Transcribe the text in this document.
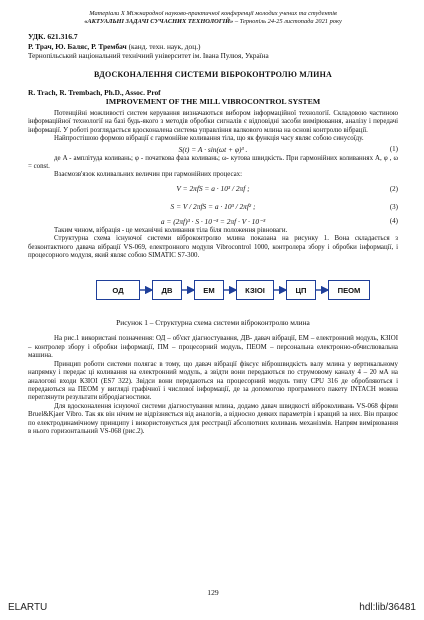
Матеріали Х Міжнародної науково-практичної конференції молодих учених та студентів
«АКТУАЛЬНІ ЗАДАЧІ СУЧАСНИХ ТЕХНОЛОГІЙ» – Тернопіль 24-25 листопада 2021 року
УДК. 621.316.7
Р. Трач, Ю. Баляс, Р. Трембач (канд. техн. наук, доц.)
Тернопільський національний технічний університет ім. Івана Пулюя, Україна
ВДОСКОНАЛЕННЯ СИСТЕМИ ВІБРОКОНТРОЛЮ МЛИНА
R. Trach, R. Trembach, Ph.D., Assoc. Prof
IMPROVEMENT OF THE MILL VIBROCONTROL SYSTEM

Потенційні можливості систем керування визначаються вибором інформаційної технології. Складовою частиною інформаційної технології на базі будь-якого з методів обробки сигналів є відповідні засоби вимірювання, аналізу і передачі інформації. У роботі розглядається вдосконалена система управління валкового млина на основі контролю вібрації.

Найпростішою формою вібрації є гармонійне коливання тіла, що як функція часу являє собою синусоїду.

S(t) = A · sin(ωt + φ)³ .	(1)

де A - амплітуда коливань; φ - початкова фаза коливань; ω- кутова швидкість. При гармонійних коливаннях A, φ , ω = const.

Взаємозв'язок коливальних величин при гармонійних процесах:

V = 2πfS = a · 10³ / 2πf ;	(2)
S = V / 2πfS = a · 10³ / 2πf² ;	(3)
a = (2πf)³ · S · 10⁻³ = 2πf · V · 10⁻³	(4)

Таким чином, вібрація - це механічні коливання тіла біля положення рівноваги.

Структурна схема існуючої системи віброконтролю млина показана на рисунку 1. Вона складається з безконтактного давача вібрації VS-069, електронного модуля Vibrocontrol 1000, контролера збору і обробки інформації, і процесорного модуля, який являє собою SIMATIC S7-300.

ОД	ДВ	ЕМ	КЗІОІ	ЦП	ПЕОМ
Рисунок 1 – Структурна схема системи віброконтролю млина

На рис.1 використані позначення: ОД – об'єкт діагностування, ДВ- давач вібрації, ЕМ – електронний модуль, КЗІОІ – контролер збору і обробки інформації, ПМ – процесорний модуль, ПЕОМ – персональна електронно-обчислювальна машина.

Принцип роботи системи полягає в тому, що давач вібрації фіксує віброшвидкість валу млина у вертикальному напрямку і передає ці коливання на електронний модуль, а звідти вони передаються по струмовому каналу 4 – 20 мА на аналогові входи КЗІОІ (ES7 322). Звідси вони передаються на процесорний модуль типу CPU 316 де обробляються і передаються на ПЕОМ у вигляді графічної і числової інформації, де за допомогою програмного пакету INTACH можна переглянути результати вібродіагностики.

Для вдосконалення існуючої системи діагностування млина, додамо давач швидкості віброколивань VS-068 фірми Bruel&Kjaer Vibro. Так як він нічим не відрізняється від аналогів, а відносно деяких параметрів і кращий за них. Він працює по електродинамічному принципу і використовується для реєстрації абсолютних коливань механізмів. Напрям вимірювання в нього горизонтальний VS-068 (рис.2).

129
ELARTU	hdl:lib/36481
